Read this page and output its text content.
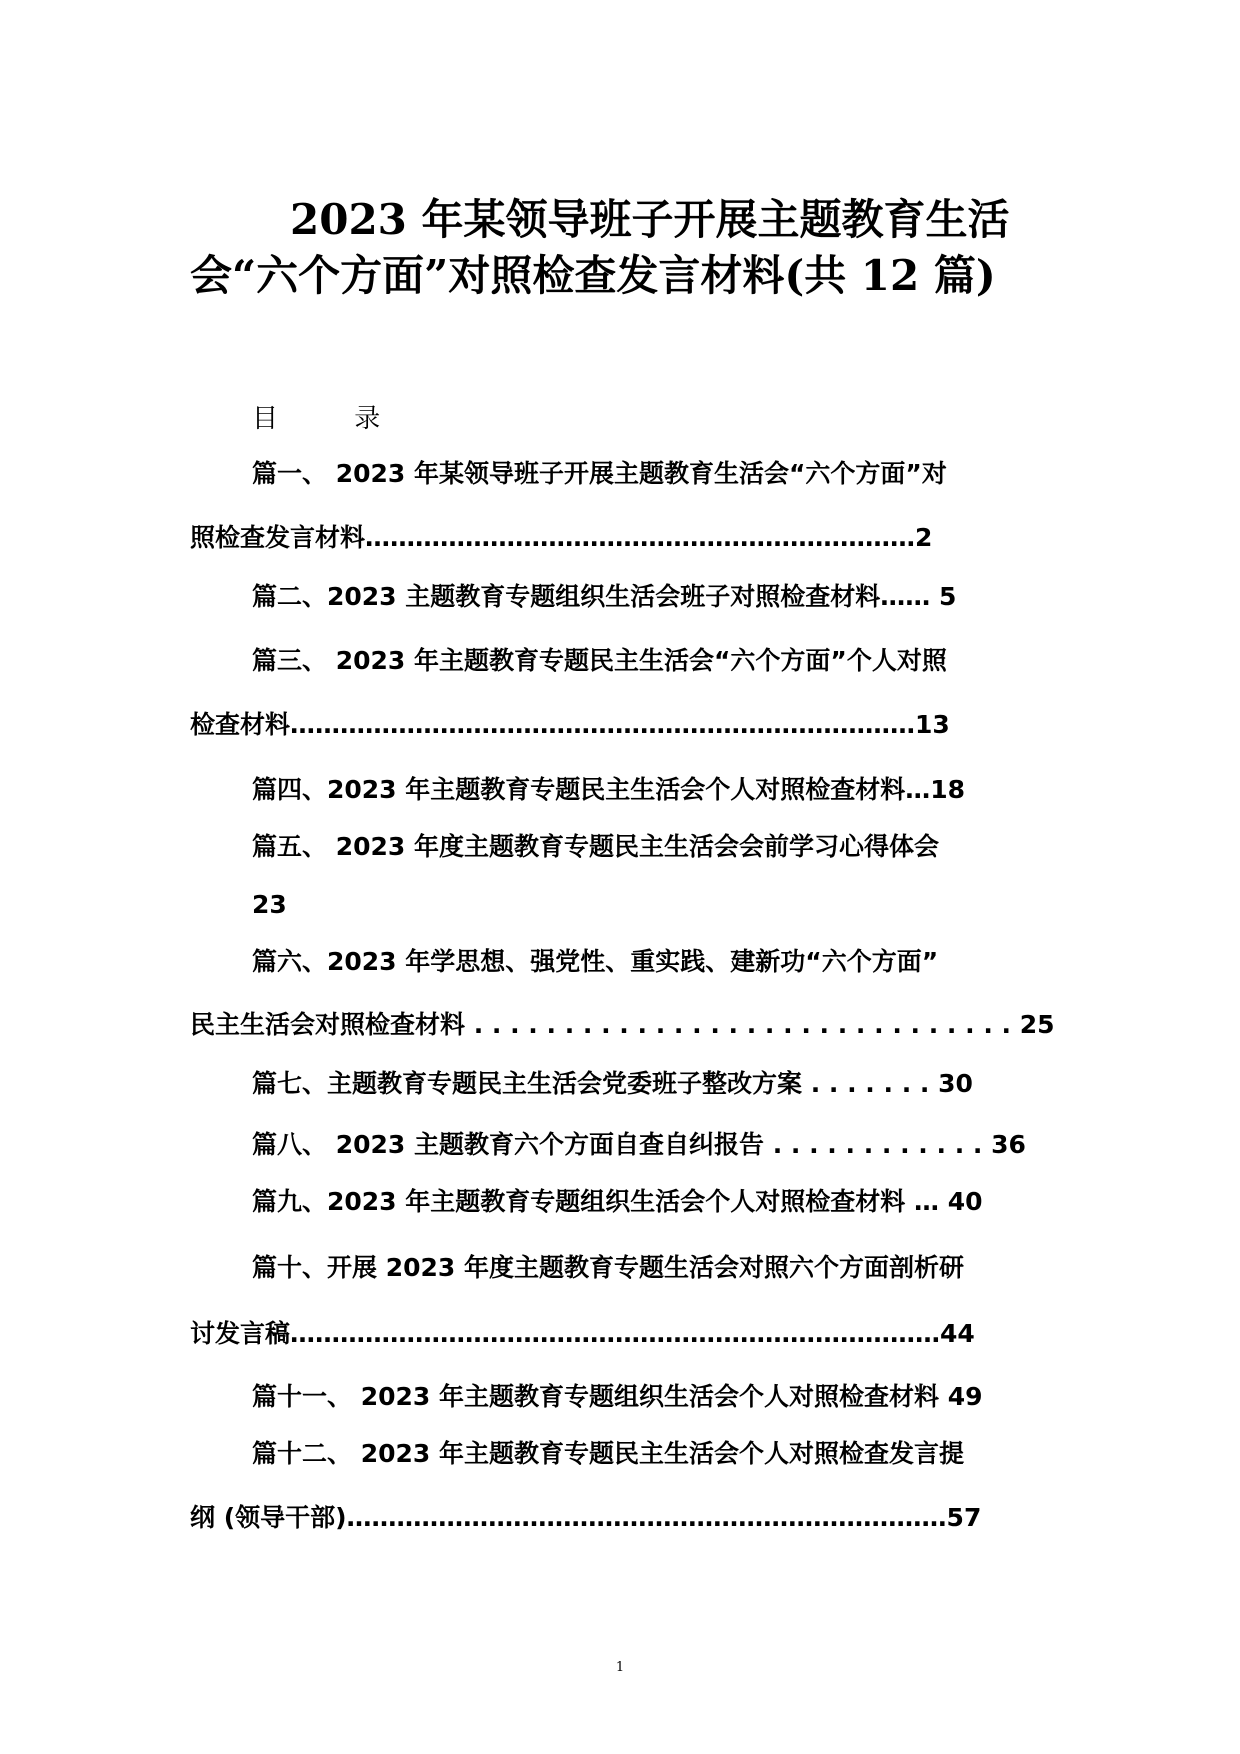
2023 年某领导班子开展主题教育生活会“六个方面”对照检查发言材料(共 12 篇)

目 录

篇一、 2023 年某领导班子开展主题教育生活会“六个方面”对

照检查发言材料…………………………………………………………2

篇二、2023 主题教育专题组织生活会班子对照检查材料…… 5

篇三、 2023 年主题教育专题民主生活会“六个方面”个人对照

检查材料…………………………………………………………………13

篇四、2023 年主题教育专题民主生活会个人对照检查材料…18

篇五、 2023 年度主题教育专题民主生活会会前学习心得体会

23

篇六、2023 年学思想、强党性、重实践、建新功“六个方面”

民主生活会对照检查材料 . . . . . . . . . . . . . . . . . . . . . . . . . . . . . . 25

篇七、主题教育专题民主生活会党委班子整改方案 . . . . . . . 30

篇八、 2023 主题教育六个方面自查自纠报告 . . . . . . . . . . . . 36

篇九、2023 年主题教育专题组织生活会个人对照检查材料 … 40

篇十、开展 2023 年度主题教育专题生活会对照六个方面剖析研

讨发言稿……………………………………………………………………44

篇十一、 2023 年主题教育专题组织生活会个人对照检查材料 49

篇十二、 2023 年主题教育专题民主生活会个人对照检查发言提

纲 (领导干部)………………………………………………………………57

1
